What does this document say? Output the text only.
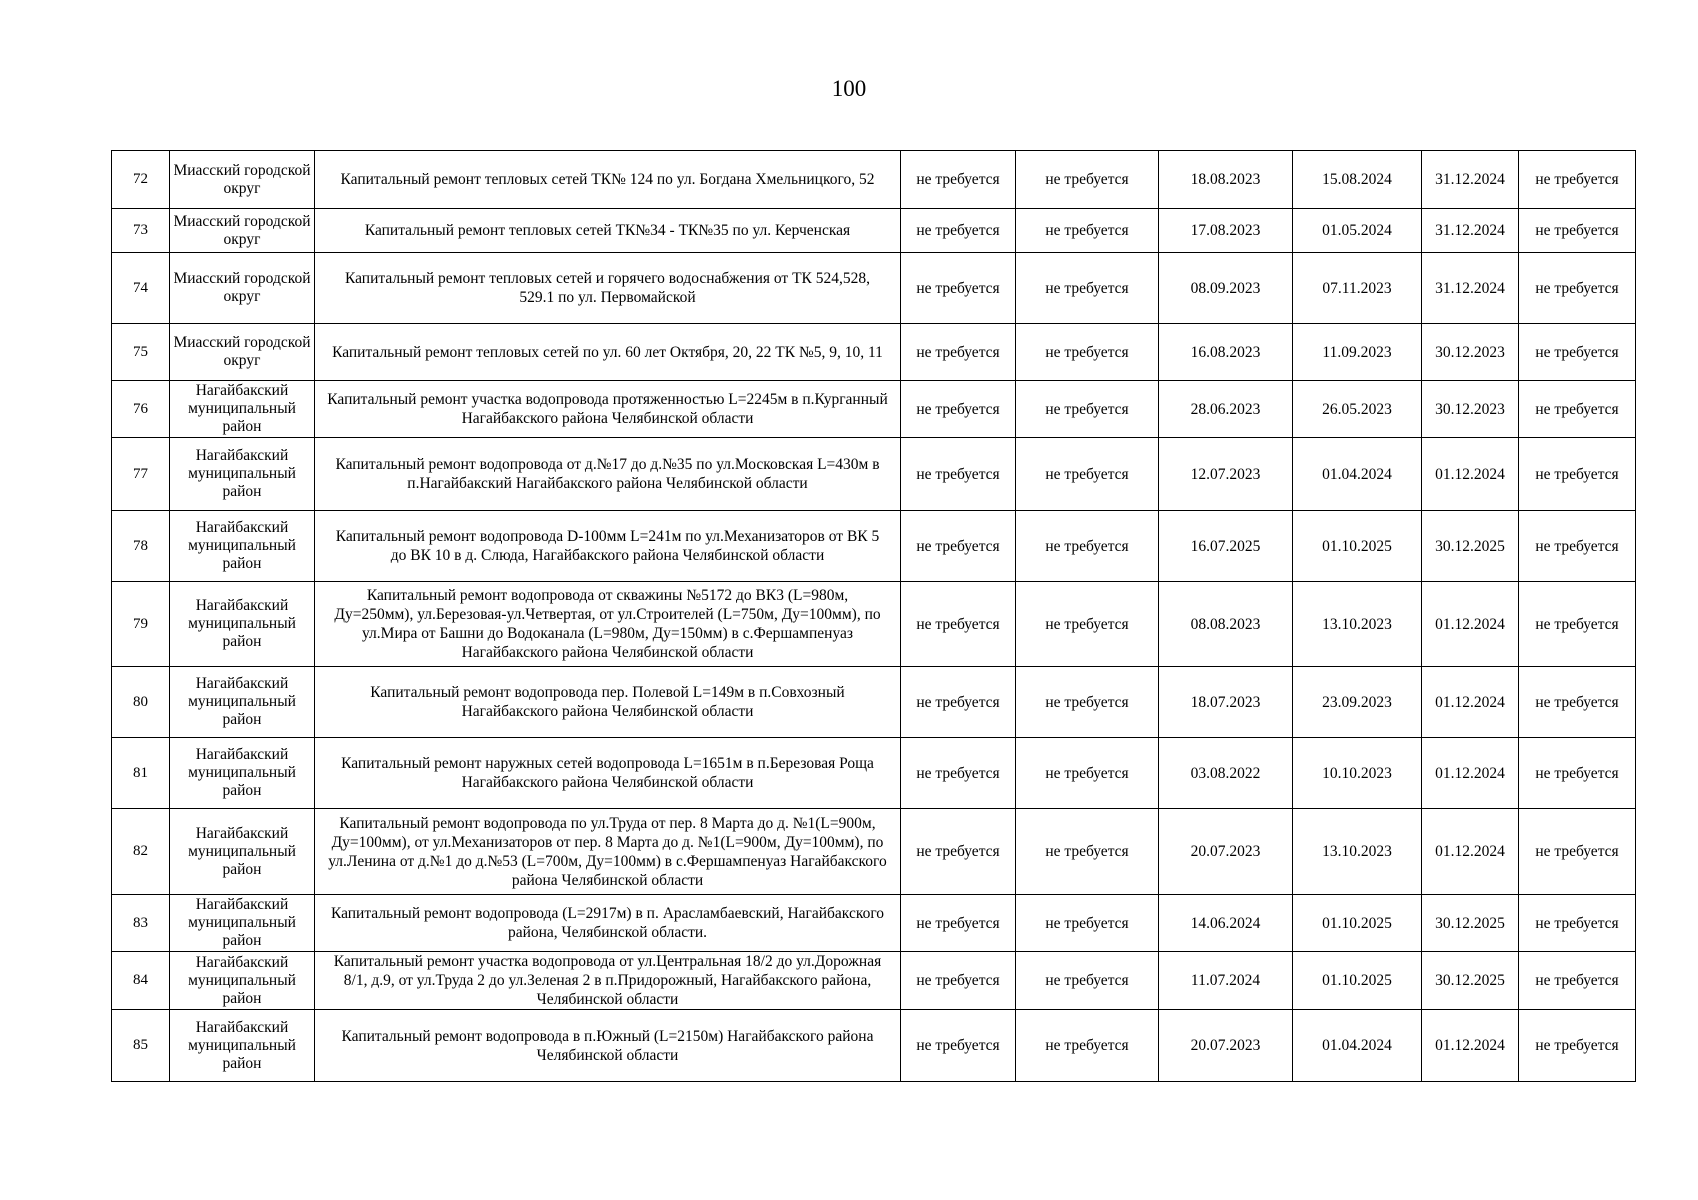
100
72	Миасский городской округ	Капитальный ремонт тепловых сетей ТК№ 124 по ул. Богдана Хмельницкого, 52	не требуется	не требуется	18.08.2023	15.08.2024	31.12.2024	не требуется
73	Миасский городской округ	Капитальный ремонт тепловых сетей ТК№34 - ТК№35 по ул. Керченская	не требуется	не требуется	17.08.2023	01.05.2024	31.12.2024	не требуется
74	Миасский городской округ	Капитальный ремонт тепловых сетей и горячего водоснабжения от ТК 524,528, 529.1 по ул. Первомайской	не требуется	не требуется	08.09.2023	07.11.2023	31.12.2024	не требуется
75	Миасский городской округ	Капитальный ремонт тепловых сетей по ул. 60 лет Октября, 20, 22 ТК №5, 9, 10, 11	не требуется	не требуется	16.08.2023	11.09.2023	30.12.2023	не требуется
76	Нагайбакский муниципальный район	Капитальный ремонт участка водопровода протяженностью L=2245м в п.Курганный Нагайбакского района Челябинской области	не требуется	не требуется	28.06.2023	26.05.2023	30.12.2023	не требуется
77	Нагайбакский муниципальный район	Капитальный ремонт водопровода от д.№17 до д.№35 по ул.Московская L=430м в п.Нагайбакский Нагайбакского района Челябинской области	не требуется	не требуется	12.07.2023	01.04.2024	01.12.2024	не требуется
78	Нагайбакский муниципальный район	Капитальный ремонт водопровода D-100мм L=241м по ул.Механизаторов от ВК 5 до ВК 10 в д. Слюда, Нагайбакского района Челябинской области	не требуется	не требуется	16.07.2025	01.10.2025	30.12.2025	не требуется
79	Нагайбакский муниципальный район	Капитальный ремонт водопровода от скважины №5172 до ВК3 (L=980м, Ду=250мм), ул.Березовая-ул.Четвертая, от ул.Строителей (L=750м, Ду=100мм), по ул.Мира от Башни до Водоканала (L=980м, Ду=150мм) в с.Фершампенуаз Нагайбакского района Челябинской области	не требуется	не требуется	08.08.2023	13.10.2023	01.12.2024	не требуется
80	Нагайбакский муниципальный район	Капитальный ремонт водопровода пер. Полевой L=149м в п.Совхозный Нагайбакского района Челябинской области	не требуется	не требуется	18.07.2023	23.09.2023	01.12.2024	не требуется
81	Нагайбакский муниципальный район	Капитальный ремонт наружных сетей водопровода L=1651м в п.Березовая Роща Нагайбакского района Челябинской области	не требуется	не требуется	03.08.2022	10.10.2023	01.12.2024	не требуется
82	Нагайбакский муниципальный район	Капитальный ремонт водопровода по ул.Труда от пер. 8 Марта до д. №1(L=900м, Ду=100мм), от ул.Механизаторов от пер. 8 Марта до д. №1(L=900м, Ду=100мм), по ул.Ленина от д.№1 до д.№53 (L=700м, Ду=100мм) в с.Фершампенуаз Нагайбакского района Челябинской области	не требуется	не требуется	20.07.2023	13.10.2023	01.12.2024	не требуется
83	Нагайбакский муниципальный район	Капитальный ремонт водопровода (L=2917м) в п. Арасламбаевский, Нагайбакского района, Челябинской области.	не требуется	не требуется	14.06.2024	01.10.2025	30.12.2025	не требуется
84	Нагайбакский муниципальный район	Капитальный ремонт участка водопровода от ул.Центральная 18/2 до ул.Дорожная 8/1, д.9, от ул.Труда 2 до ул.Зеленая 2 в п.Придорожный, Нагайбакского района, Челябинской области	не требуется	не требуется	11.07.2024	01.10.2025	30.12.2025	не требуется
85	Нагайбакский муниципальный район	Капитальный ремонт водопровода в п.Южный (L=2150м) Нагайбакского района Челябинской области	не требуется	не требуется	20.07.2023	01.04.2024	01.12.2024	не требуется
